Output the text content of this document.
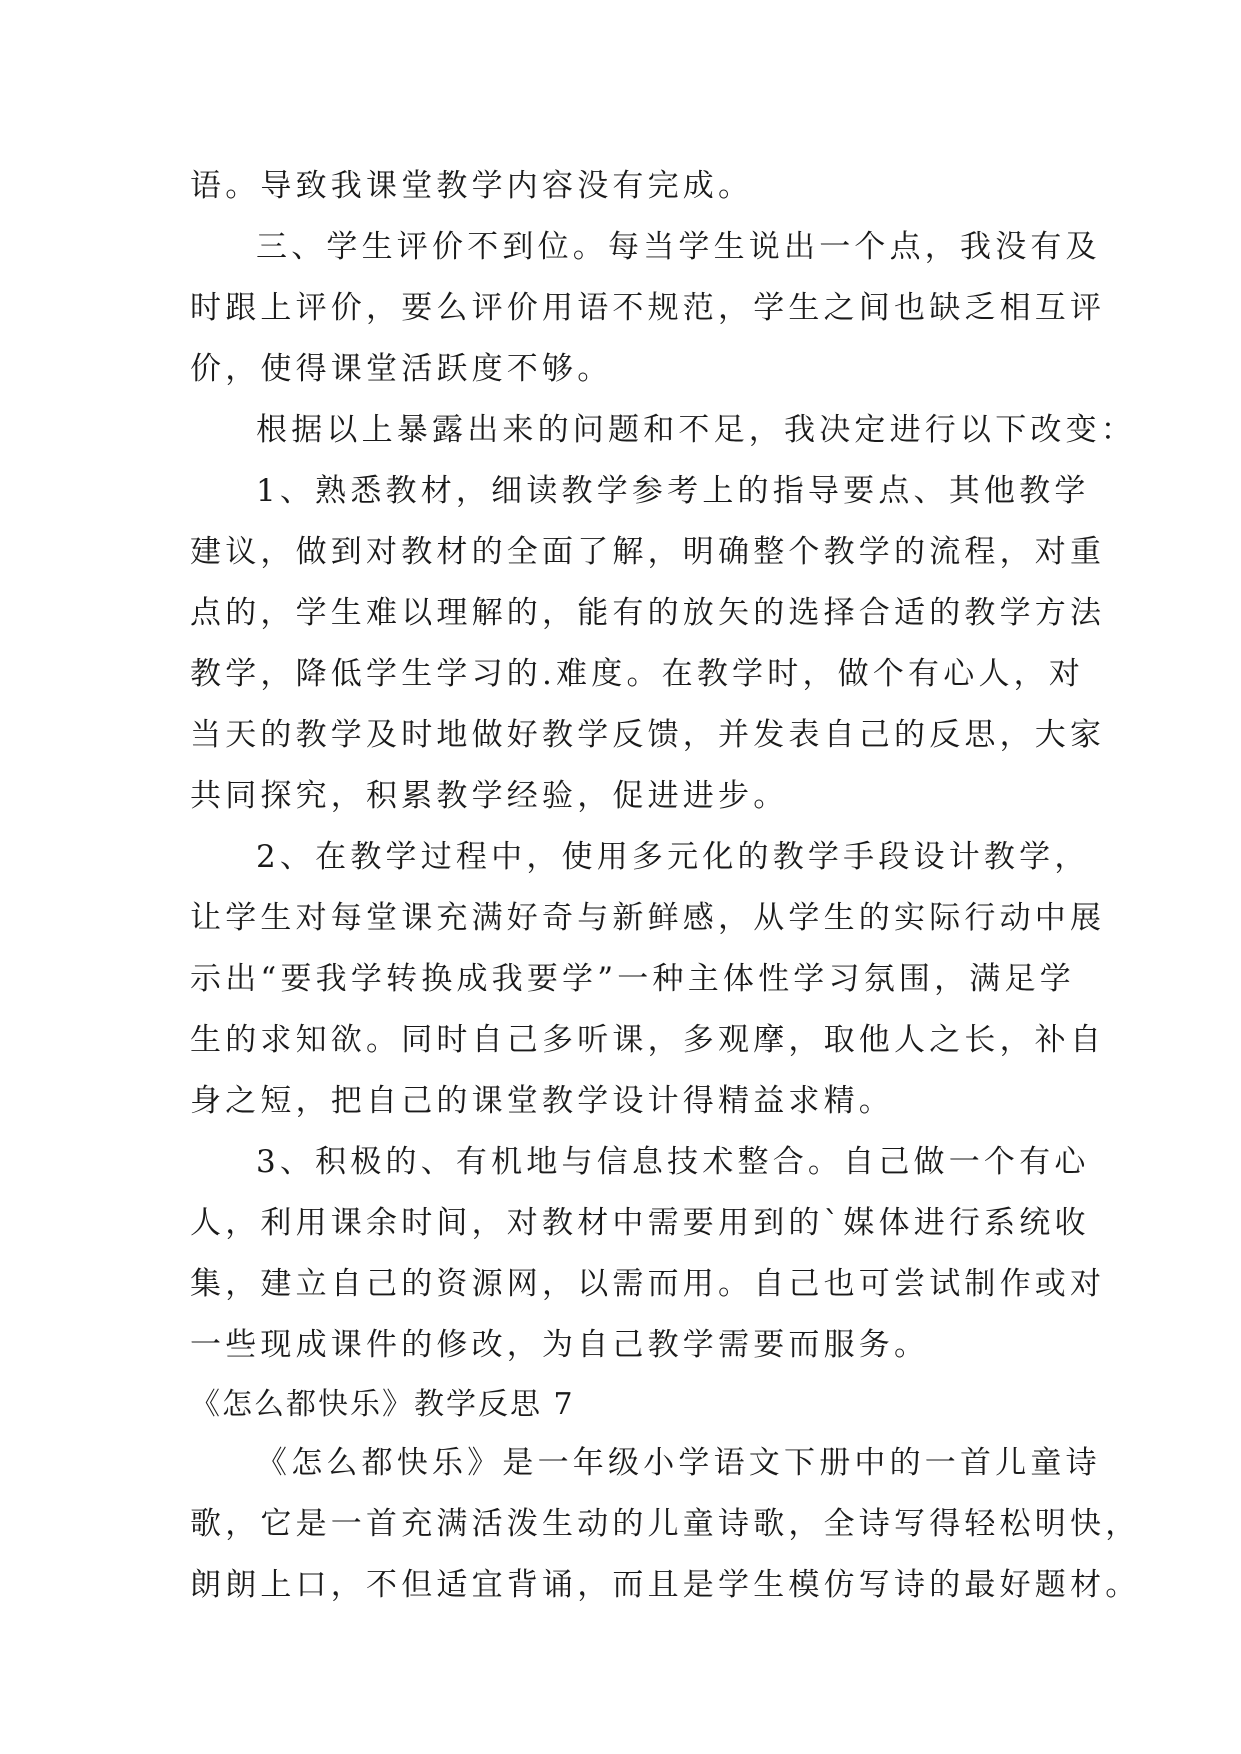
语。导致我课堂教学内容没有完成。
三、学生评价不到位。每当学生说出一个点，我没有及
时跟上评价，要么评价用语不规范，学生之间也缺乏相互评
价，使得课堂活跃度不够。
根据以上暴露出来的问题和不足，我决定进行以下改变：
1、熟悉教材，细读教学参考上的指导要点、其他教学
建议，做到对教材的全面了解，明确整个教学的流程，对重
点的，学生难以理解的，能有的放矢的选择合适的教学方法
教学，降低学生学习的.难度。在教学时，做个有心人，对
当天的教学及时地做好教学反馈，并发表自己的反思，大家
共同探究，积累教学经验，促进进步。
2、在教学过程中，使用多元化的教学手段设计教学，
让学生对每堂课充满好奇与新鲜感，从学生的实际行动中展
示出“要我学转换成我要学”一种主体性学习氛围，满足学
生的求知欲。同时自己多听课，多观摩，取他人之长，补自
身之短，把自己的课堂教学设计得精益求精。
3、积极的、有机地与信息技术整合。自己做一个有心
人，利用课余时间，对教材中需要用到的`媒体进行系统收
集，建立自己的资源网，以需而用。自己也可尝试制作或对
一些现成课件的修改，为自己教学需要而服务。
《怎么都快乐》教学反思 7
《怎么都快乐》是一年级小学语文下册中的一首儿童诗
歌，它是一首充满活泼生动的儿童诗歌，全诗写得轻松明快，
朗朗上口，不但适宜背诵，而且是学生模仿写诗的最好题材。
